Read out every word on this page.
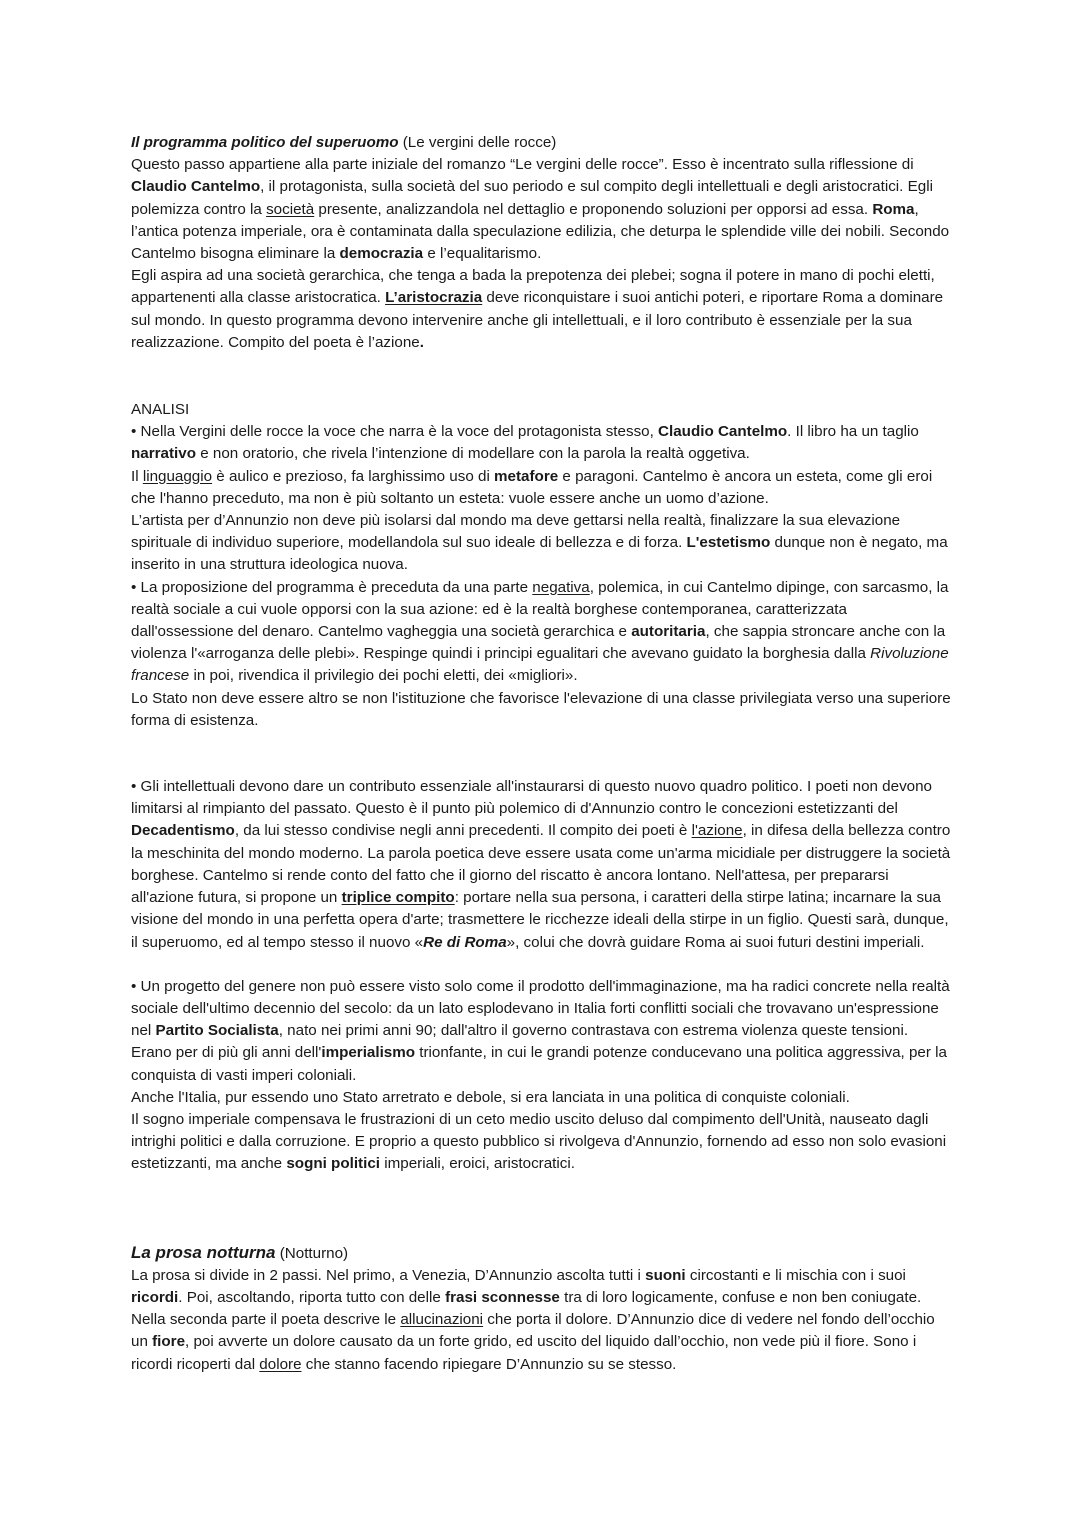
Il programma politico del superuomo (Le vergini delle rocce)

Questo passo appartiene alla parte iniziale del romanzo “Le vergini delle rocce”. Esso è incentrato sulla riflessione di Claudio Cantelmo, il protagonista, sulla società del suo periodo e sul compito degli intellettuali e degli aristocratici. Egli polemizza contro la società presente, analizzandola nel dettaglio e proponendo soluzioni per opporsi ad essa. Roma, l’antica potenza imperiale, ora è contaminata dalla speculazione edilizia, che deturpa le splendide ville dei nobili. Secondo Cantelmo bisogna eliminare la democrazia e l’equalitarismo.

Egli aspira ad una società gerarchica, che tenga a bada la prepotenza dei plebei; sogna il potere in mano di pochi eletti, appartenenti alla classe aristocratica. L’aristocrazia deve riconquistare i suoi antichi poteri, e riportare Roma a dominare sul mondo. In questo programma devono intervenire anche gli intellettuali, e il loro contributo è essenziale per la sua realizzazione. Compito del poeta è l’azione.

ANALISI

• Nella Vergini delle rocce la voce che narra è la voce del protagonista stesso, Claudio Cantelmo. Il libro ha un taglio narrativo e non oratorio, che rivela l’intenzione di modellare con la parola la realtà oggetiva.

Il linguaggio è aulico e prezioso, fa larghissimo uso di metafore e paragoni. Cantelmo è ancora un esteta, come gli eroi che l'hanno preceduto, ma non è più soltanto un esteta: vuole essere anche un uomo d’azione.

L’artista per d’Annunzio non deve più isolarsi dal mondo ma deve gettarsi nella realtà, finalizzare la sua elevazione spirituale di individuo superiore, modellandola sul suo ideale di bellezza e di forza. L'estetismo dunque non è negato, ma inserito in una struttura ideologica nuova.

• La proposizione del programma è preceduta da una parte negativa, polemica, in cui Cantelmo dipinge, con sarcasmo, la realtà sociale a cui vuole opporsi con la sua azione: ed è la realtà borghese contemporanea, caratterizzata dall'ossessione del denaro. Cantelmo vagheggia una società gerarchica e autoritaria, che sappia stroncare anche con la violenza l'«arroganza delle plebi». Respinge quindi i principi egualitari che avevano guidato la borghesia dalla Rivoluzione francese in poi, rivendica il privilegio dei pochi eletti, dei «migliori».

Lo Stato non deve essere altro se non l'istituzione che favorisce l'elevazione di una classe privilegiata verso una superiore forma di esistenza.

• Gli intellettuali devono dare un contributo essenziale all'instaurarsi di questo nuovo quadro politico. I poeti non devono limitarsi al rimpianto del passato. Questo è il punto più polemico di d'Annunzio contro le concezioni estetizzanti del Decadentismo, da lui stesso condivise negli anni precedenti. Il compito dei poeti è l'azione, in difesa della bellezza contro la meschinita del mondo moderno. La parola poetica deve essere usata come un'arma micidiale per distruggere la società borghese. Cantelmo si rende conto del fatto che il giorno del riscatto è ancora lontano. Nell'attesa, per prepararsi all'azione futura, si propone un triplice compito: portare nella sua persona, i caratteri della stirpe latina; incarnare la sua visione del mondo in una perfetta opera d'arte; trasmettere le ricchezze ideali della stirpe in un figlio. Questi sarà, dunque, il superuomo, ed al tempo stesso il nuovo «Re di Roma», colui che dovrà guidare Roma ai suoi futuri destini imperiali.

• Un progetto del genere non può essere visto solo come il prodotto dell'immaginazione, ma ha radici concrete nella realtà sociale dell'ultimo decennio del secolo: da un lato esplodevano in Italia forti conflitti sociali che trovavano un'espressione nel Partito Socialista, nato nei primi anni 90; dall'altro il governo contrastava con estrema violenza queste tensioni. Erano per di più gli anni dell'imperialismo trionfante, in cui le grandi potenze conducevano una politica aggressiva, per la conquista di vasti imperi coloniali.

Anche l'Italia, pur essendo uno Stato arretrato e debole, si era lanciata in una politica di conquiste coloniali.

Il sogno imperiale compensava le frustrazioni di un ceto medio uscito deluso dal compimento dell'Unità, nauseato dagli intrighi politici e dalla corruzione. E proprio a questo pubblico si rivolgeva d'Annunzio, fornendo ad esso non solo evasioni estetizzanti, ma anche sogni politici imperiali, eroici, aristocratici.

La prosa notturna (Notturno)

La prosa si divide in 2 passi. Nel primo, a Venezia, D’Annunzio ascolta tutti i suoni circostanti e li mischia con i suoi ricordi. Poi, ascoltando, riporta tutto con delle frasi sconnesse tra di loro logicamente, confuse e non ben coniugate. Nella seconda parte il poeta descrive le allucinazioni che porta il dolore. D’Annunzio dice di vedere nel fondo dell’occhio un fiore, poi avverte un dolore causato da un forte grido, ed uscito del liquido dall’occhio, non vede più il fiore. Sono i ricordi ricoperti dal dolore che stanno facendo ripiegare D’Annunzio su se stesso.
